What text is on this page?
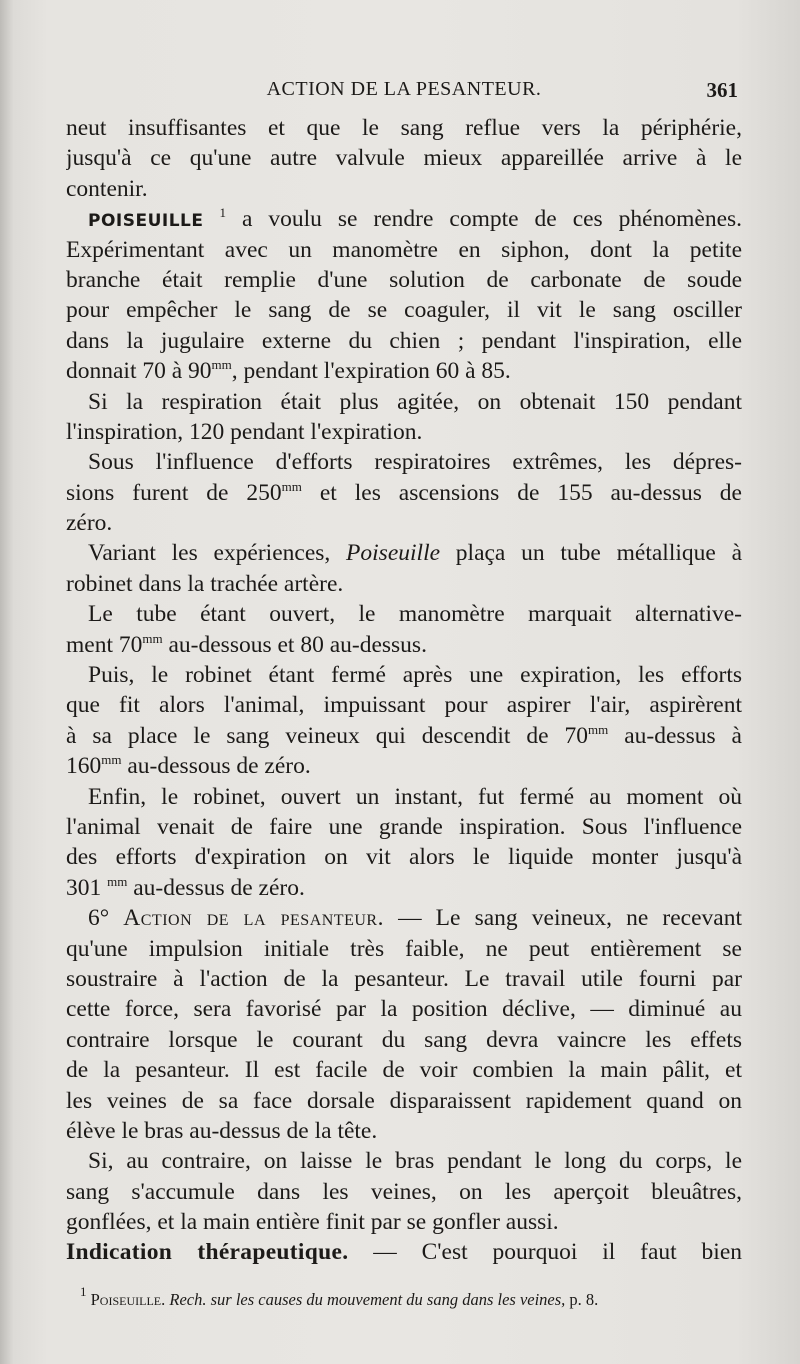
ACTION DE LA PESANTEUR.	361
neut insuffisantes et que le sang reflue vers la périphérie,
jusqu'à ce qu'une autre valvule mieux appareillée arrive à le
contenir.
POISEUILLE $^1$ a voulu se rendre compte de ces phénomènes.
Expérimentant avec un manomètre en siphon, dont la petite
branche était remplie d'une solution de carbonate de soude
pour empêcher le sang de se coaguler, il vit le sang osciller
dans la jugulaire externe du chien ; pendant l'inspiration, elle
donnait 70 à $90^{mm}$, pendant l'expiration 60 à 85.
Si la respiration était plus agitée, on obtenait 150 pendant
l'inspiration, 120 pendant l'expiration.
Sous l'influence d'efforts respiratoires extrêmes, les dépres-
sions furent de $250^{mm}$ et les ascensions de 155 au-dessus de
zéro.
Variant les expériences, Poiseuille plaça un tube métallique à
robinet dans la trachée artère.
Le tube étant ouvert, le manomètre marquait alternative-
ment $70^{mm}$ au-dessous et 80 au-dessus.
Puis, le robinet étant fermé après une expiration, les efforts
que fit alors l'animal, impuissant pour aspirer l'air, aspirèrent
à sa place le sang veineux qui descendit de $70^{mm}$ au-dessus à
$160^{mm}$ au-dessous de zéro.
Enfin, le robinet, ouvert un instant, fut fermé au moment où
l'animal venait de faire une grande inspiration. Sous l'influence
des efforts d'expiration on vit alors le liquide monter jusqu'à
301 $^{mm}$ au-dessus de zéro.
6° Action de la pesanteur. — Le sang veineux, ne recevant
qu'une impulsion initiale très faible, ne peut entièrement se
soustraire à l'action de la pesanteur. Le travail utile fourni par
cette force, sera favorisé par la position déclive, — diminué au
contraire lorsque le courant du sang devra vaincre les effets
de la pesanteur. Il est facile de voir combien la main pâlit, et
les veines de sa face dorsale disparaissent rapidement quand on
élève le bras au-dessus de la tête.
Si, au contraire, on laisse le bras pendant le long du corps, le
sang s'accumule dans les veines, on les aperçoit bleuâtres,
gonflées, et la main entière finit par se gonfler aussi.
Indication thérapeutique. — C'est pourquoi il faut bien
$^1$ Poiseuille. Rech. sur les causes du mouvement du sang dans les veines, p. 8.
